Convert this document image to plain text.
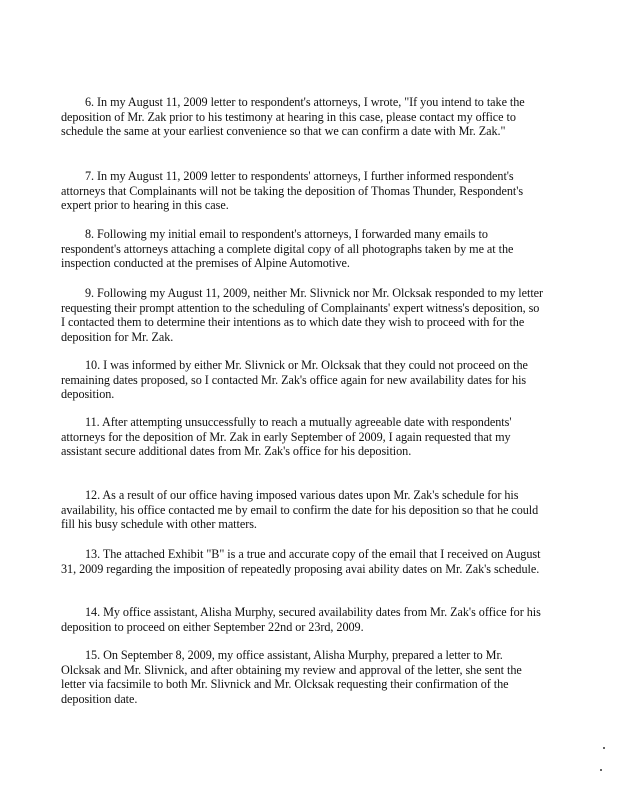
6. In my August 11, 2009 letter to respondent's attorneys, I wrote, "If you intend to take the deposition of Mr. Zak prior to his testimony at hearing in this case, please contact my office to schedule the same at your earliest convenience so that we can confirm a date with Mr. Zak."

7. In my August 11, 2009 letter to respondents' attorneys, I further informed respondent's attorneys that Complainants will not be taking the deposition of Thomas Thunder, Respondent's expert prior to hearing in this case.

8. Following my initial email to respondent's attorneys, I forwarded many emails to respondent's attorneys attaching a complete digital copy of all photographs taken by me at the inspection conducted at the premises of Alpine Automotive.

9. Following my August 11, 2009, neither Mr. Slivnick nor Mr. Olcksak responded to my letter requesting their prompt attention to the scheduling of Complainants' expert witness's deposition, so I contacted them to determine their intentions as to which date they wish to proceed with for the deposition for Mr. Zak.

10. I was informed by either Mr. Slivnick or Mr. Olcksak that they could not proceed on the remaining dates proposed, so I contacted Mr. Zak's office again for new availability dates for his deposition.

11. After attempting unsuccessfully to reach a mutually agreeable date with respondents' attorneys for the deposition of Mr. Zak in early September of 2009, I again requested that my assistant secure additional dates from Mr. Zak's office for his deposition.

12. As a result of our office having imposed various dates upon Mr. Zak's schedule for his availability, his office contacted me by email to confirm the date for his deposition so that he could fill his busy schedule with other matters.

13. The attached Exhibit "B" is a true and accurate copy of the email that I received on August 31, 2009 regarding the imposition of repeatedly proposing avai ability dates on Mr. Zak's schedule.

14. My office assistant, Alisha Murphy, secured availability dates from Mr. Zak's office for his deposition to proceed on either September 22nd or 23rd, 2009.

15. On September 8, 2009, my office assistant, Alisha Murphy, prepared a letter to Mr. Olcksak and Mr. Slivnick, and after obtaining my review and approval of the letter, she sent the letter via facsimile to both Mr. Slivnick and Mr. Olcksak requesting their confirmation of the deposition date.
